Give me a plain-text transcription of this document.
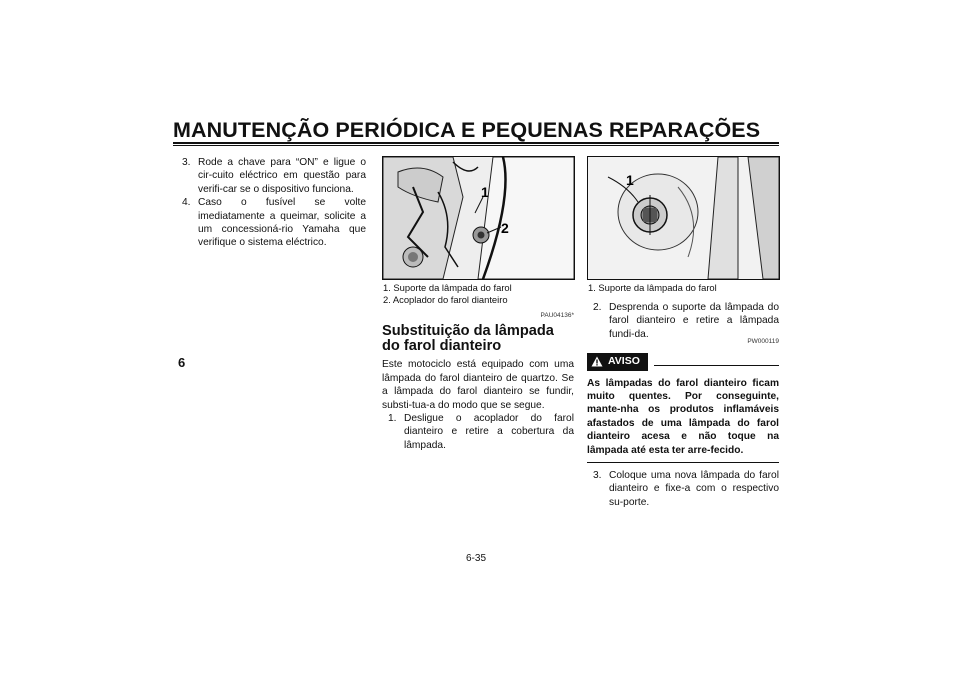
MANUTENÇÃO PERIÓDICA E PEQUENAS REPARAÇÕES
6

3. Rode a chave para “ON” e ligue o cir-cuito eléctrico em questão para verifi-car se o dispositivo funciona.

4. Caso o fusível se volte imediatamente a queimar, solicite a um concessioná-rio Yamaha que verifique o sistema eléctrico.

1
2
1. Suporte da lâmpada do farol
2. Acoplador do farol dianteiro
PAU04136*
Substituição da lâmpada do farol dianteiro

Este motociclo está equipado com uma lâmpada do farol dianteiro de quartzo. Se a lâmpada do farol dianteiro se fundir, substi-tua-a do modo que se segue.

1. Desligue o acoplador do farol dianteiro e retire a cobertura da lâmpada.

1
1. Suporte da lâmpada do farol

2. Desprenda o suporte da lâmpada do farol dianteiro e retire a lâmpada fundi-da.

PW000119
AVISO

As lâmpadas do farol dianteiro ficam muito quentes. Por conseguinte, mante-nha os produtos inflamáveis afastados de uma lâmpada do farol dianteiro acesa e não toque na lâmpada até esta ter arre-fecido.

3. Coloque uma nova lâmpada do farol dianteiro e fixe-a com o respectivo su-porte.

6-35
